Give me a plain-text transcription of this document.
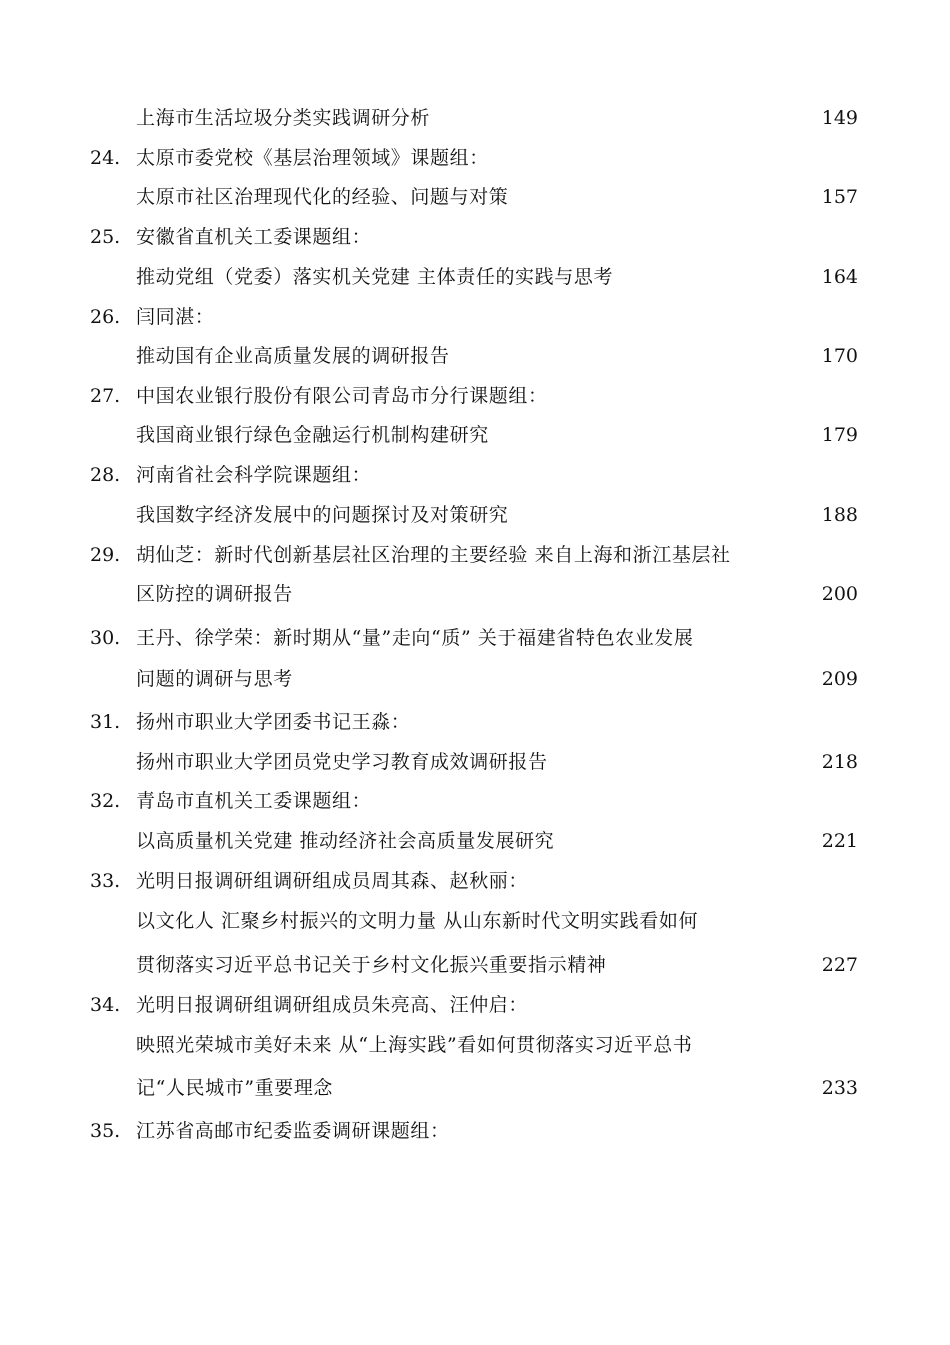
上海市生活垃圾分类实践调研分析	149
24. 太原市委党校《基层治理领域》课题组：
太原市社区治理现代化的经验、问题与对策	157
25. 安徽省直机关工委课题组：
推动党组（党委）落实机关党建 主体责任的实践与思考	164
26. 闫同湛：
推动国有企业高质量发展的调研报告	170
27. 中国农业银行股份有限公司青岛市分行课题组：
我国商业银行绿色金融运行机制构建研究	179
28. 河南省社会科学院课题组：
我国数字经济发展中的问题探讨及对策研究	188
29. 胡仙芝：新时代创新基层社区治理的主要经验 来自上海和浙江基层社
区防控的调研报告	200
30. 王丹、徐学荣：新时期从“量”走向“质” 关于福建省特色农业发展
问题的调研与思考	209
31. 扬州市职业大学团委书记王淼：
扬州市职业大学团员党史学习教育成效调研报告	218
32. 青岛市直机关工委课题组：
以高质量机关党建 推动经济社会高质量发展研究	221
33. 光明日报调研组调研组成员周其森、赵秋丽：
以文化人 汇聚乡村振兴的文明力量 从山东新时代文明实践看如何
贯彻落实习近平总书记关于乡村文化振兴重要指示精神	227
34. 光明日报调研组调研组成员朱亮高、汪仲启：
映照光荣城市美好未来 从“上海实践”看如何贯彻落实习近平总书
记“人民城市”重要理念	233
35. 江苏省高邮市纪委监委调研课题组：
